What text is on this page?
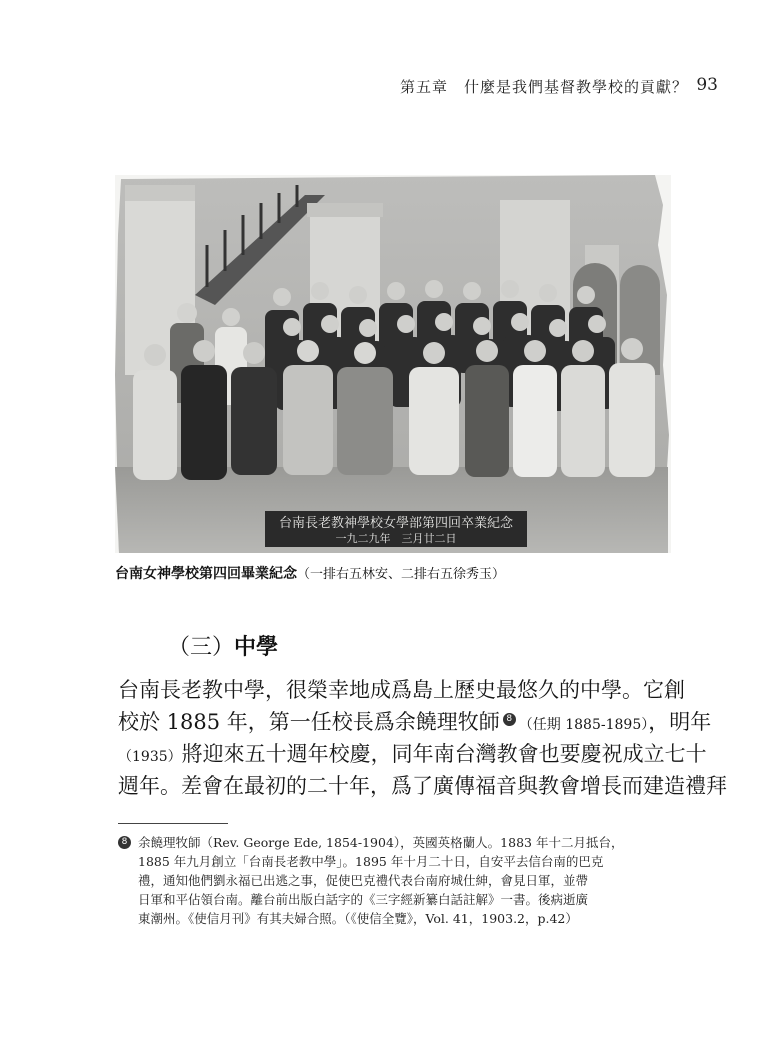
第五章　什麼是我們基督教學校的貢獻？ 93
台南長老教神學校女學部第四回卒業紀念
一九二九年　三月廿二日
台南女神學校第四回畢業紀念（一排右五林安、二排右五徐秀玉）
（三）中學
台南長老教中學，很榮幸地成爲島上歷史最悠久的中學。它創
校於 1885 年，第一任校長爲余饒理牧師 8 （任期 1885-1895），明年
（1935）將迎來五十週年校慶，同年南台灣教會也要慶祝成立七十
週年。差會在最初的二十年，爲了廣傳福音與教會增長而建造禮拜
8 余饒理牧師（Rev. George Ede, 1854-1904），英國英格蘭人。1883 年十二月抵台，
1885 年九月創立「台南長老教中學」。1895 年十月二十日，自安平去信台南的巴克
禮，通知他們劉永福已出逃之事，促使巴克禮代表台南府城仕紳，會見日軍，並帶
日軍和平佔領台南。離台前出版白話字的《三字經新纂白話註解》一書。後病逝廣
東潮州。《使信月刊》有其夫婦合照。（《使信全覽》，Vol. 41，1903.2，p.42）
